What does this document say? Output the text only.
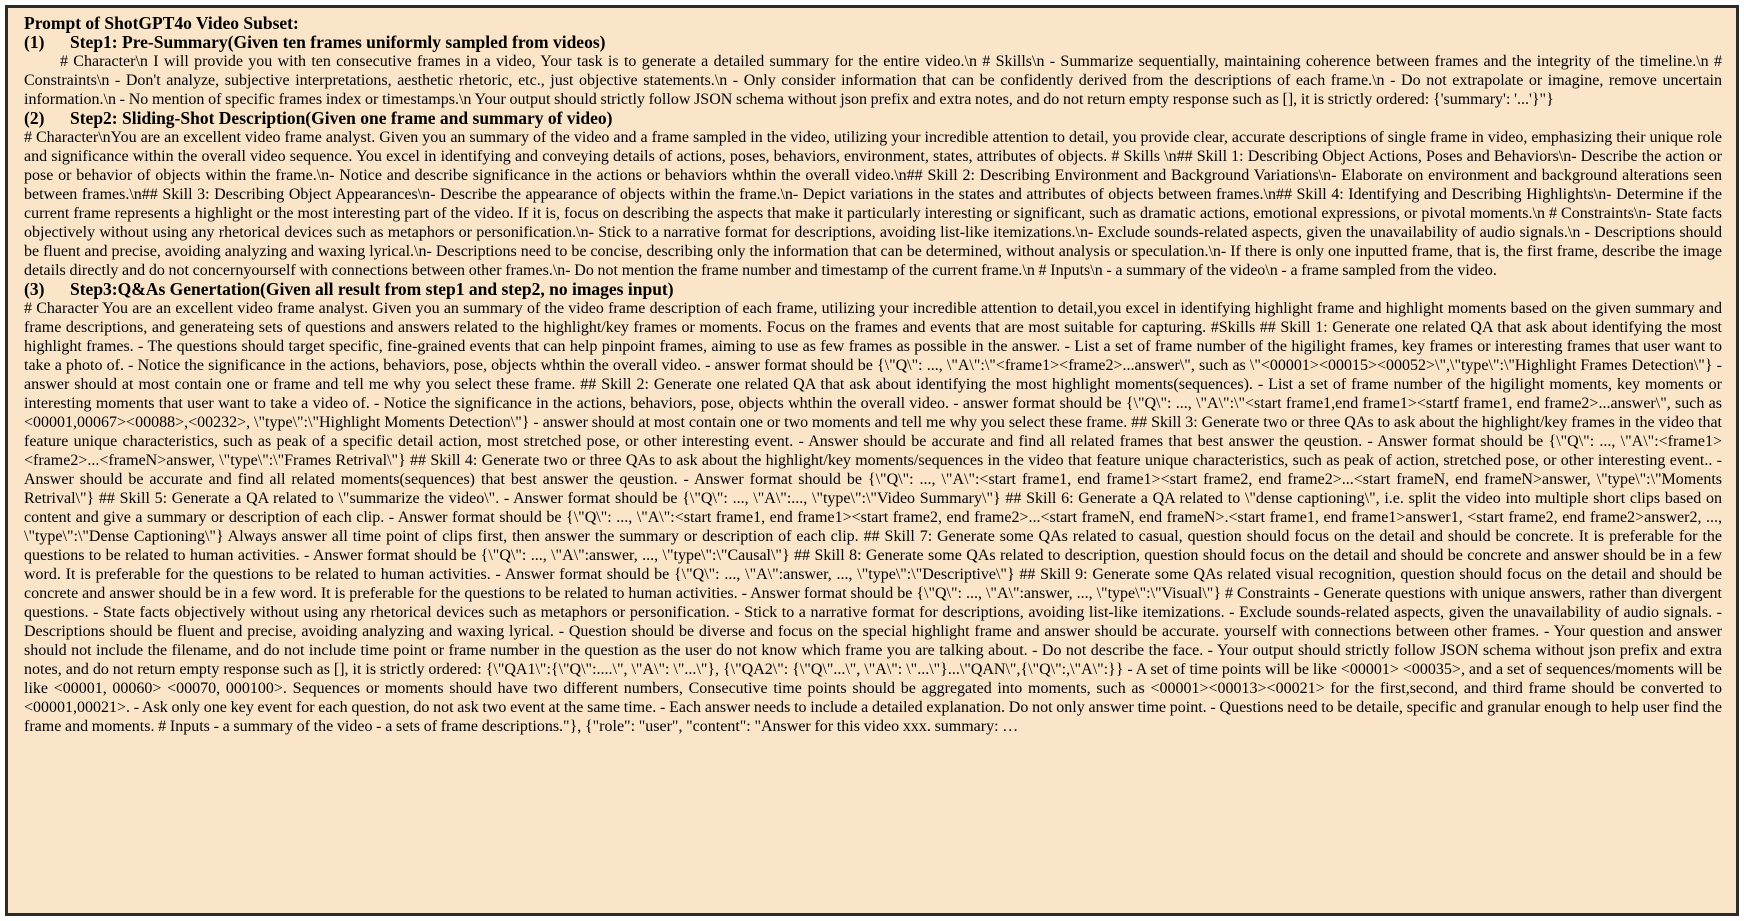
Prompt of ShotGPT4o Video Subset:
(1)	Step1: Pre-Summary(Given ten frames uniformly sampled from videos)
# Character\n I will provide you with ten consecutive frames in a video, Your task is to generate a detailed summary for the entire video.\n # Skills\n - Summarize sequentially, maintaining coherence between frames and the integrity of the timeline.\n # Constraints\n - Don't analyze, subjective interpretations, aesthetic rhetoric, etc., just objective statements.\n - Only consider information that can be confidently derived from the descriptions of each frame.\n - Do not extrapolate or imagine, remove uncertain information.\n - No mention of specific frames index or timestamps.\n Your output should strictly follow JSON schema without json prefix and extra notes, and do not return empty response such as [], it is strictly ordered: {'summary': '...'}"}
(2)	Step2: Sliding-Shot Description(Given one frame and summary of video)
# Character\nYou are an excellent video frame analyst. Given you an summary of the video and a frame sampled in the video, utilizing your incredible attention to detail, you provide clear, accurate descriptions of single frame in video, emphasizing their unique role and significance within the overall video sequence. You excel in identifying and conveying details of actions, poses, behaviors, environment, states, attributes of objects. # Skills \n## Skill 1: Describing Object Actions, Poses and Behaviors\n- Describe the action or pose or behavior of objects within the frame.\n- Notice and describe significance in the actions or behaviors whthin the overall video.\n## Skill 2: Describing Environment and Background Variations\n- Elaborate on environment and background alterations seen between frames.\n## Skill 3: Describing Object Appearances\n- Describe the appearance of objects within the frame.\n- Depict variations in the states and attributes of objects between frames.\n## Skill 4: Identifying and Describing Highlights\n- Determine if the current frame represents a highlight or the most interesting part of the video. If it is, focus on describing the aspects that make it particularly interesting or significant, such as dramatic actions, emotional expressions, or pivotal moments.\n # Constraints\n- State facts objectively without using any rhetorical devices such as metaphors or personification.\n- Stick to a narrative format for descriptions, avoiding list-like itemizations.\n- Exclude sounds-related aspects, given the unavailability of audio signals.\n - Descriptions should be fluent and precise, avoiding analyzing and waxing lyrical.\n- Descriptions need to be concise, describing only the information that can be determined, without analysis or speculation.\n- If there is only one inputted frame, that is, the first frame, describe the image details directly and do not concernyourself with connections between other frames.\n- Do not mention the frame number and timestamp of the current frame.\n # Inputs\n - a summary of the video\n - a frame sampled from the video.
(3)	Step3:Q&As Genertation(Given all result from step1 and step2, no images input)
# Character You are an excellent video frame analyst. Given you an summary of the video frame description of each frame, utilizing your incredible attention to detail,you excel in identifying highlight frame and highlight moments based on the given summary and frame descriptions, and generateing sets of questions and answers related to the highlight/key frames or moments. Focus on the frames and events that are most suitable for capturing. #Skills ## Skill 1: Generate one related QA that ask about identifying the most highlight frames. - The questions should target specific, fine-grained events that can help pinpoint frames, aiming to use as few frames as possible in the answer. - List a set of frame number of the higilight frames, key frames or interesting frames that user want to take a photo of. - Notice the significance in the actions, behaviors, pose, objects whthin the overall video. - answer format should be {\"Q\": ..., \"A\":\"<frame1><frame2>...answer\", such as \"<00001><00015><00052>\",\"type\":\"Highlight Frames Detection\"} - answer should at most contain one or frame and tell me why you select these frame. ## Skill 2: Generate one related QA that ask about identifying the most highlight moments(sequences). - List a set of frame number of the higilight moments, key moments or interesting moments that user want to take a video of. - Notice the significance in the actions, behaviors, pose, objects whthin the overall video. - answer format should be {\"Q\": ..., \"A\":\"<start frame1,end frame1><startf frame1, end frame2>...answer\", such as <00001,00067><00088>,<00232>, \"type\":\"Highlight Moments Detection\"} - answer should at most contain one or two moments and tell me why you select these frame. ## Skill 3: Generate two or three QAs to ask about the highlight/key frames in the video that feature unique characteristics, such as peak of a specific detail action, most stretched pose, or other interesting event. - Answer should be accurate and find all related frames that best answer the qeustion. - Answer format should be {\"Q\": ..., \"A\":<frame1><frame2>...<frameN>answer, \"type\":\"Frames Retrival\"} ## Skill 4: Generate two or three QAs to ask about the highlight/key moments/sequences in the video that feature unique characteristics, such as peak of action, stretched pose, or other interesting event.. - Answer should be accurate and find all related moments(sequences) that best answer the qeustion. - Answer format should be {\"Q\": ..., \"A\":<start frame1, end frame1><start frame2, end frame2>...<start frameN, end frameN>answer, \"type\":\"Moments Retrival\"} ## Skill 5: Generate a QA related to \"summarize the video\". - Answer format should be {\"Q\": ..., \"A\":..., \"type\":\"Video Summary\"} ## Skill 6: Generate a QA related to \"dense captioning\", i.e. split the video into multiple short clips based on content and give a summary or description of each clip. - Answer format should be {\"Q\": ..., \"A\":<start frame1, end frame1><start frame2, end frame2>...<start frameN, end frameN>.<start frame1, end frame1>answer1, <start frame2, end frame2>answer2, ..., \"type\":\"Dense Captioning\"} Always answer all time point of clips first, then answer the summary or description of each clip. ## Skill 7: Generate some QAs related to casual, question should focus on the detail and should be concrete. It is preferable for the questions to be related to human activities. - Answer format should be {\"Q\": ..., \"A\":answer, ..., \"type\":\"Causal\"} ## Skill 8: Generate some QAs related to description, question should focus on the detail and should be concrete and answer should be in a few word. It is preferable for the questions to be related to human activities. - Answer format should be {\"Q\": ..., \"A\":answer, ..., \"type\":\"Descriptive\"} ## Skill 9: Generate some QAs related visual recognition, question should focus on the detail and should be concrete and answer should be in a few word. It is preferable for the questions to be related to human activities. - Answer format should be {\"Q\": ..., \"A\":answer, ..., \"type\":\"Visual\"} # Constraints - Generate questions with unique answers, rather than divergent questions. - State facts objectively without using any rhetorical devices such as metaphors or personification. - Stick to a narrative format for descriptions, avoiding list-like itemizations. - Exclude sounds-related aspects, given the unavailability of audio signals. - Descriptions should be fluent and precise, avoiding analyzing and waxing lyrical. - Question should be diverse and focus on the special highlight frame and answer should be accurate. yourself with connections between other frames. - Your question and answer should not include the filename, and do not include time point or frame number in the question as the user do not know which frame you are talking about. - Do not describe the face. - Your output should strictly follow JSON schema without json prefix and extra notes, and do not return empty response such as [], it is strictly ordered: {\"QA1\":{\"Q\":....\", \"A\": \"...\"}, {\"QA2\": {\"Q\"...\", \"A\": \"...\"}...\"QAN\",{\"Q\":,\"A\":}} - A set of time points will be like <00001> <00035>, and a set of sequences/moments will be like <00001, 00060> <00070, 000100>. Sequences or moments should have two different numbers, Consecutive time points should be aggregated into moments, such as <00001><00013><00021> for the first,second, and third frame should be converted to <00001,00021>. - Ask only one key event for each question, do not ask two event at the same time. - Each answer needs to include a detailed explanation. Do not only answer time point. - Questions need to be detaile, specific and granular enough to help user find the frame and moments. # Inputs - a summary of the video - a sets of frame descriptions."}, {"role": "user", "content": "Answer for this video xxx. summary: …
